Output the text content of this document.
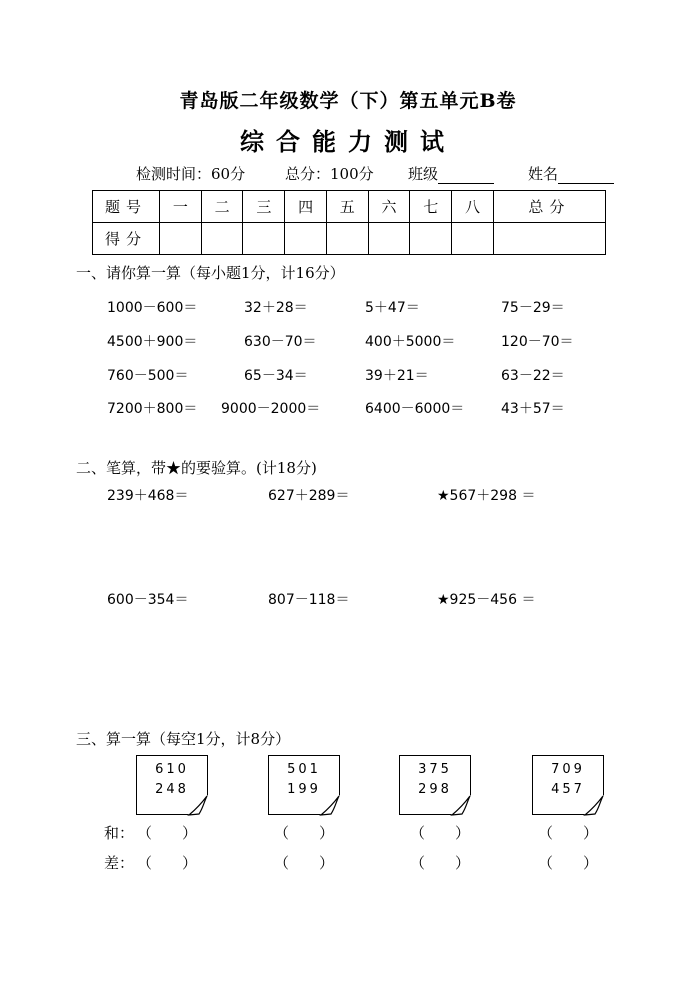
青岛版二年级数学（下）第五单元B卷
综合能力测试
检测时间：60分	总分：100分 班级	姓名
题号	一	二	三	四	五	六	七	八	总分
得分									
一、请你算一算（每小题1分，计16分）
1000－600＝	32＋28＝	5＋47＝	75－29＝
4500＋900＝	630－70＝	400＋5000＝	120－70＝
760－500＝	65－34＝	39＋21＝	63－22＝
7200＋800＝ 9000－2000＝	6400－6000＝	43＋57＝
二、笔算，带★的要验算。(计18分)
239＋468＝	627＋289＝	★567＋298 ＝
600－354＝	807－118＝	★925－456 ＝
三、算一算（每空1分，计8分）
610
248
501
199
375
298
709
457
和： （　　）	（　　）	（　　）	（　　）
差： （　　）	（　　）	（　　）	（　　）
